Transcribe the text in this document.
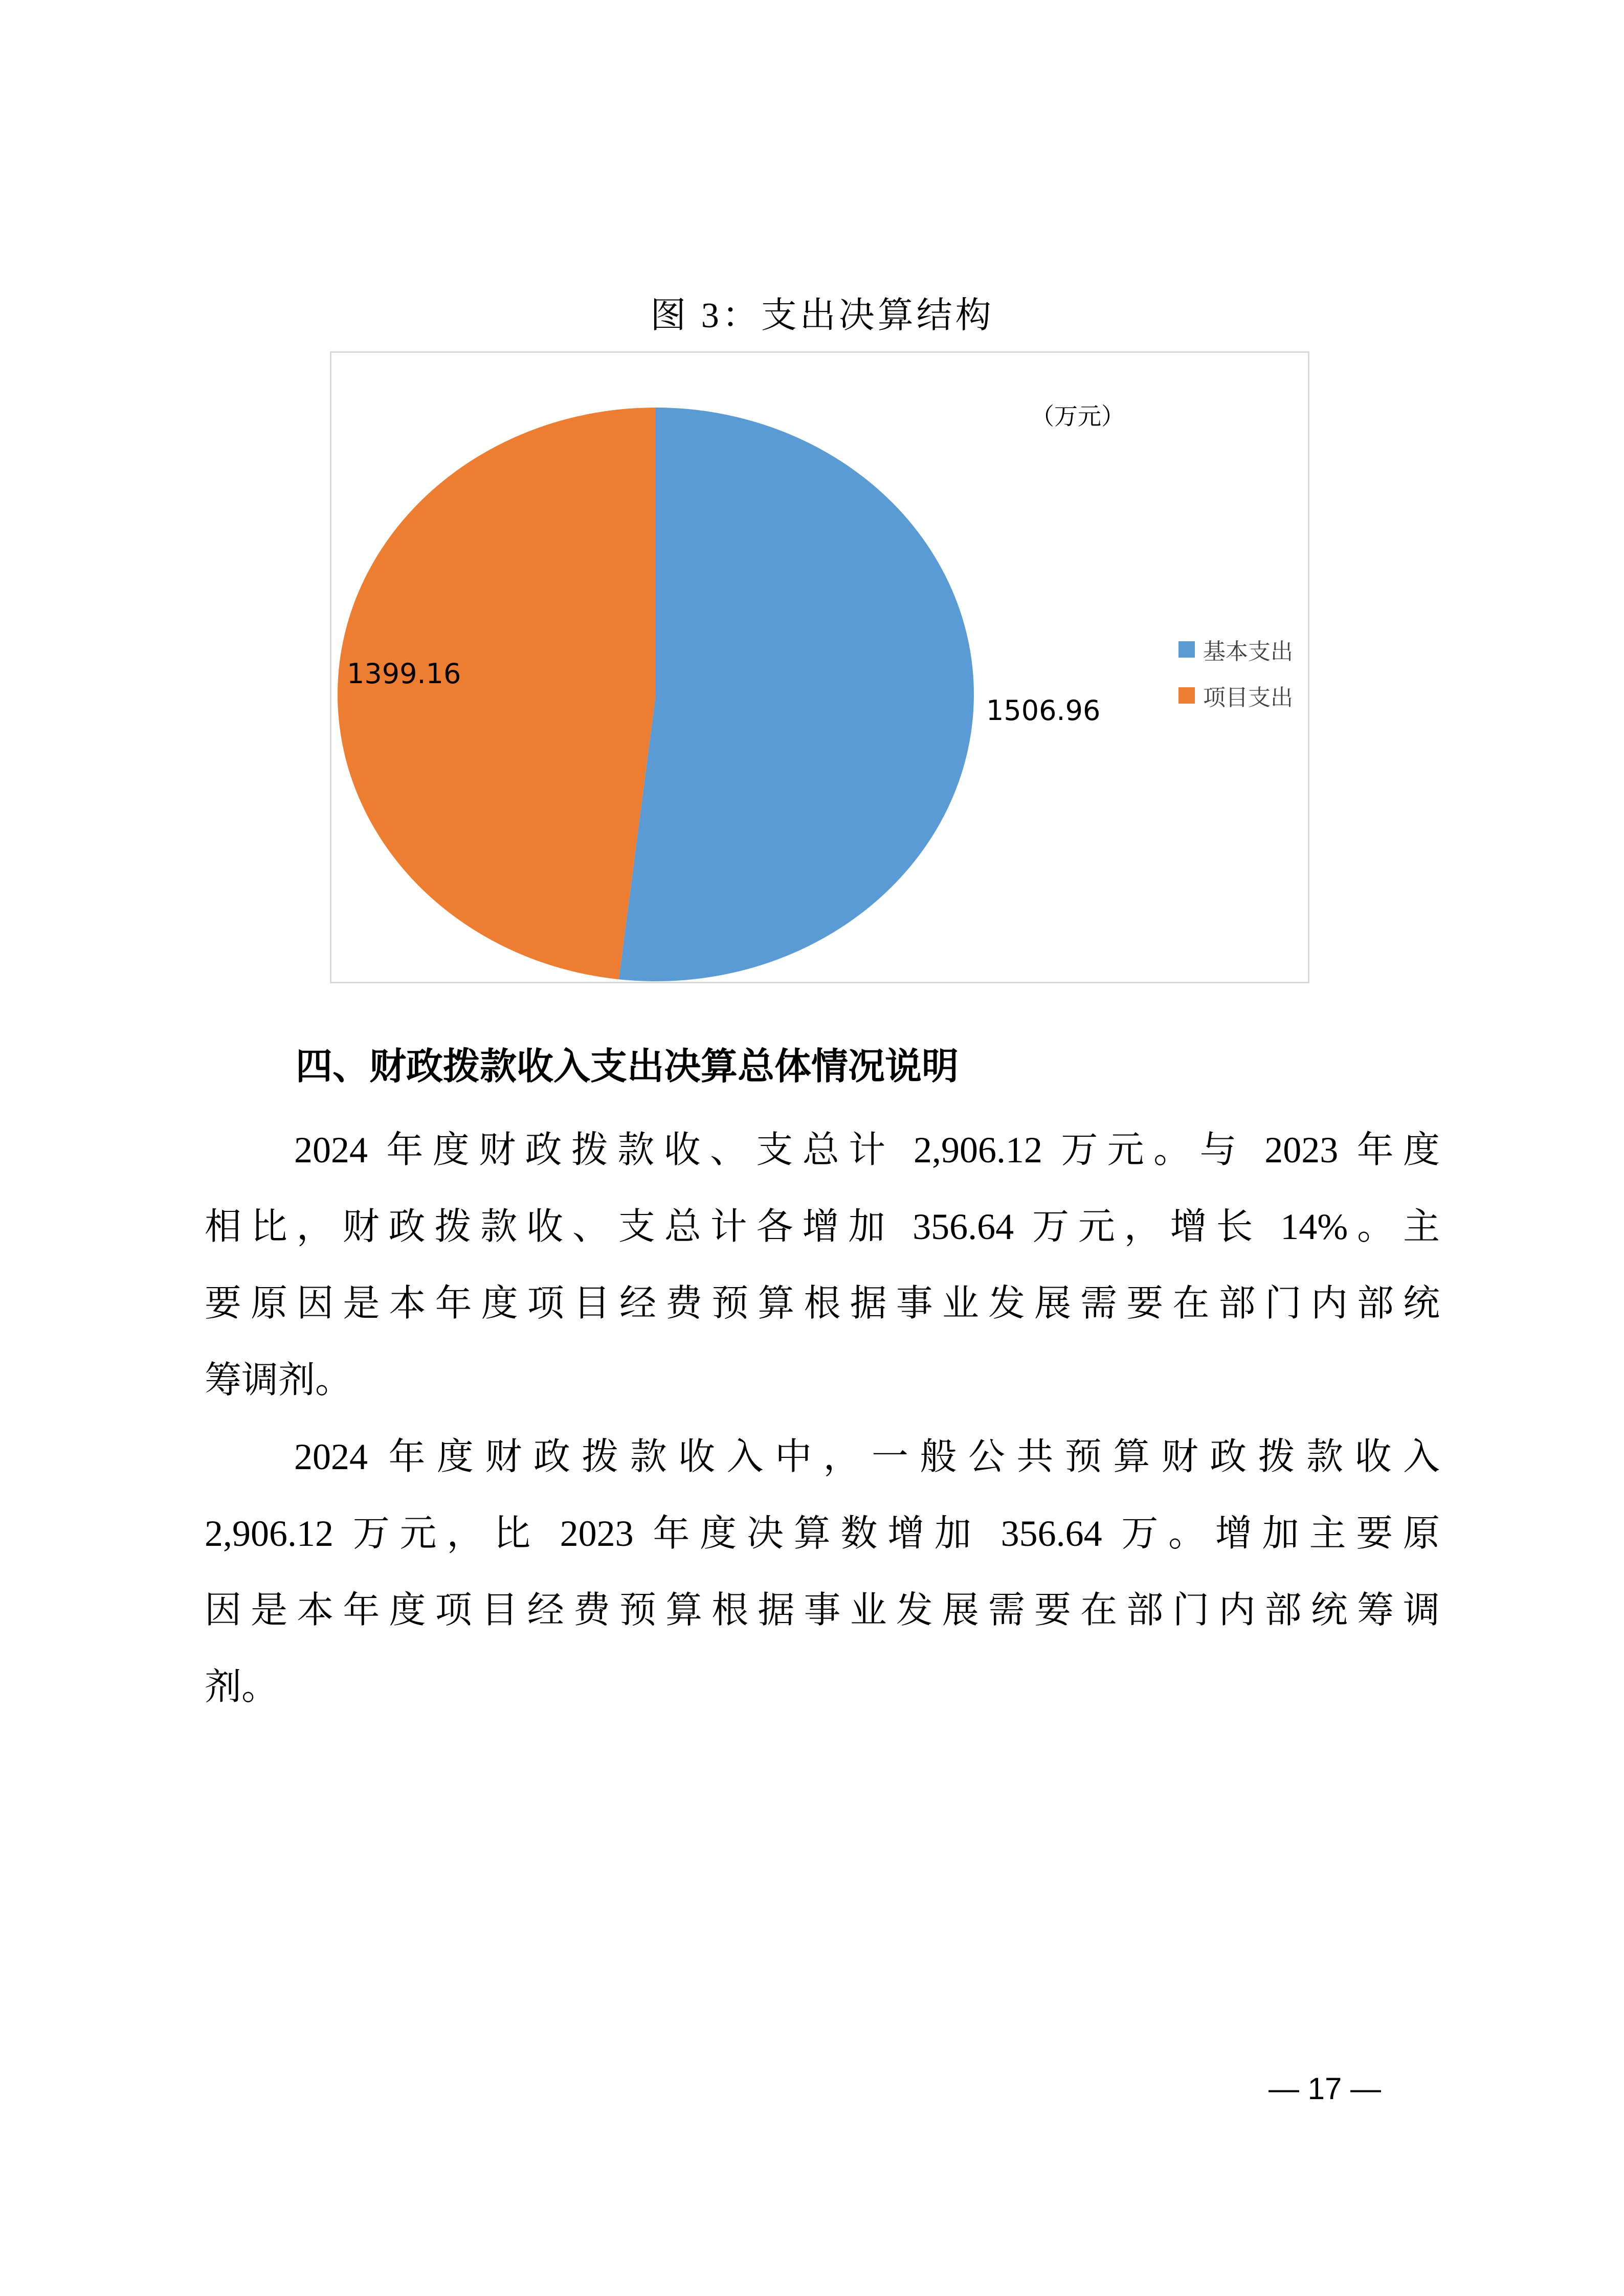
图 3：支出决算结构
（万元）
1399.16
1506.96
基本支出
项目支出
四、财政拨款收入支出决算总体情况说明
2024 年度财政拨款收、支总计 2,906.12 万元。与 2023 年度
相比，财政拨款收、支总计各增加 356.64 万元，增长 14%。主
要原因是本年度项目经费预算根据事业发展需要在部门内部统
筹调剂。
2024 年度财政拨款收入中，一般公共预算财政拨款收入
2,906.12 万元，比 2023 年度决算数增加 356.64 万。增加主要原
因是本年度项目经费预算根据事业发展需要在部门内部统筹调
剂。
— 17 —
